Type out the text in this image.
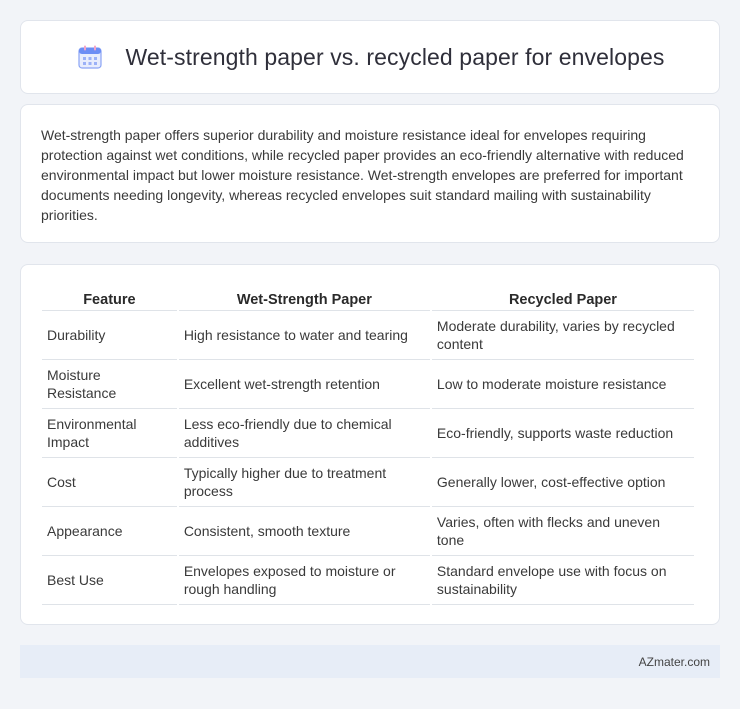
Wet-strength paper vs. recycled paper for envelopes

Wet-strength paper offers superior durability and moisture resistance ideal for envelopes requiring protection against wet conditions, while recycled paper provides an eco-friendly alternative with reduced environmental impact but lower moisture resistance. Wet-strength envelopes are preferred for important documents needing longevity, whereas recycled envelopes suit standard mailing with sustainability priorities.

Feature	Wet-Strength Paper	Recycled Paper
Durability	High resistance to water and tearing	Moderate durability, varies by recycled content
Moisture Resistance	Excellent wet-strength retention	Low to moderate moisture resistance
Environmental Impact	Less eco-friendly due to chemical additives	Eco-friendly, supports waste reduction
Cost	Typically higher due to treatment process	Generally lower, cost-effective option
Appearance	Consistent, smooth texture	Varies, often with flecks and uneven tone
Best Use	Envelopes exposed to moisture or rough handling	Standard envelope use with focus on sustainability
AZmater.com
